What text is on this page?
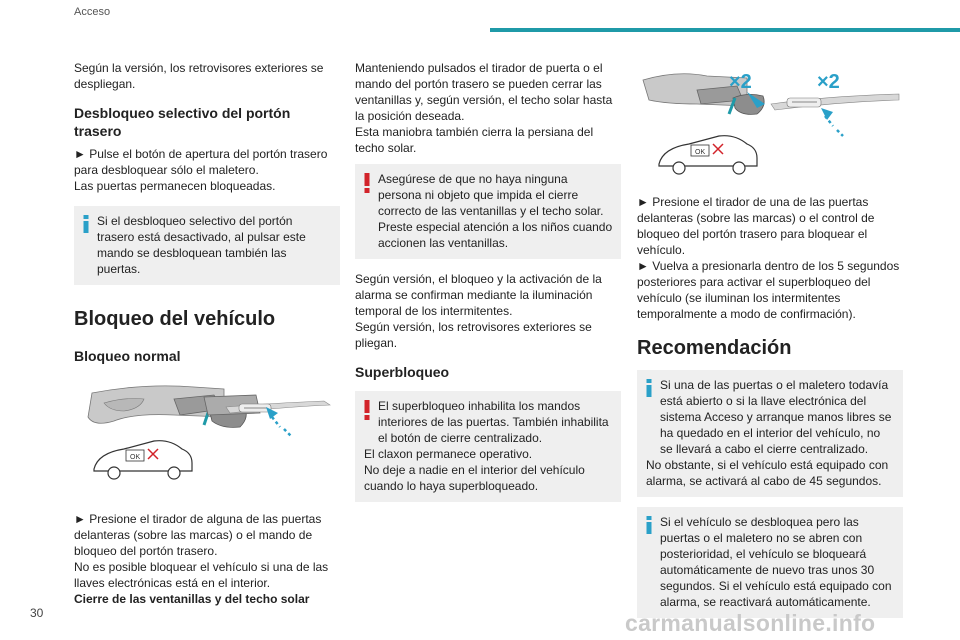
Acceso

Según la versión, los retrovisores exteriores se despliegan.

Desbloqueo selectivo del portón trasero

► Pulse el botón de apertura del portón trasero para desbloquear sólo el maletero.

Las puertas permanecen bloqueadas.

Si el desbloqueo selectivo del portón trasero está desactivado, al pulsar este mando se desbloquean también las puertas.

Bloqueo del vehículo

Bloqueo normal

OK

► Presione el tirador de alguna de las puertas delanteras (sobre las marcas) o el mando de bloqueo del portón trasero.

No es posible bloquear el vehículo si una de las llaves electrónicas está en el interior.

Cierre de las ventanillas y del techo solar

Manteniendo pulsados el tirador de puerta o el mando del portón trasero se pueden cerrar las ventanillas y, según versión, el techo solar hasta la posición deseada.

Esta maniobra también cierra la persiana del techo solar.

Asegúrese de que no haya ninguna persona ni objeto que impida el cierre correcto de las ventanillas y el techo solar. Preste especial atención a los niños cuando accionen las ventanillas.

Según versión, el bloqueo y la activación de la alarma se confirman mediante la iluminación temporal de los intermitentes.

Según versión, los retrovisores exteriores se pliegan.

Superbloqueo

El superbloqueo inhabilita los mandos interiores de las puertas. También inhabilita el botón de cierre centralizado.

El claxon permanece operativo.

No deje a nadie en el interior del vehículo cuando lo haya superbloqueado.

×2	×2
OK

► Presione el tirador de una de las puertas delanteras (sobre las marcas) o el control de bloqueo del portón trasero para bloquear el vehículo.

► Vuelva a presionarla dentro de los 5 segundos posteriores para activar el superbloqueo del vehículo (se iluminan los intermitentes temporalmente a modo de confirmación).

Recomendación

Si una de las puertas o el maletero todavía está abierto o si la llave electrónica del sistema Acceso y arranque manos libres se ha quedado en el interior del vehículo, no se llevará a cabo el cierre centralizado.

No obstante, si el vehículo está equipado con alarma, se activará al cabo de 45 segundos.

Si el vehículo se desbloquea pero las puertas o el maletero no se abren con posterioridad, el vehículo se bloqueará automáticamente de nuevo tras unos 30 segundos. Si el vehículo está equipado con alarma, se reactivará automáticamente.

30	carmanualsonline.info
